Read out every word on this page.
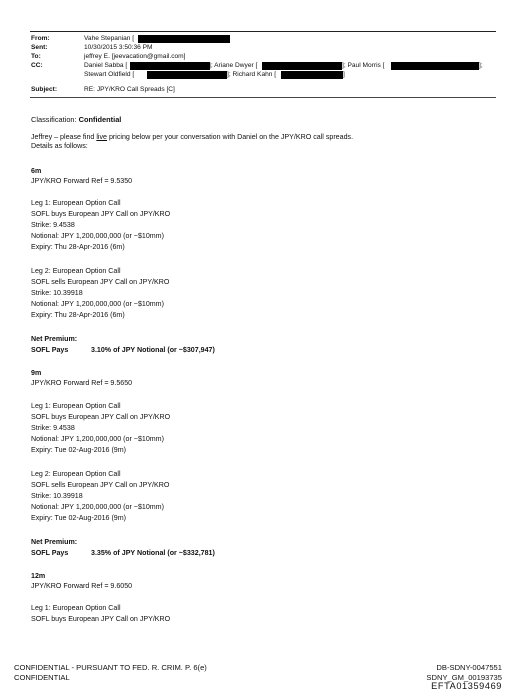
From:	Vahe Stepanian [
Sent:	10/30/2015 3:50:36 PM
To:	jeffrey E. [jeevacation@gmail.com]
CC:	Daniel Sabba [	]; Ariane Dwyer [	]; Paul Morris [	];
Stewart Oldfield [	]; Richard Kahn [	]
Subject:	RE: JPY/KRO Call Spreads [C]
Classification: Confidential
Jeffrey – please find live pricing below per your conversation with Daniel on the JPY/KRO call spreads.
Details as follows:
6m
JPY/KRO Forward Ref = 9.5350
Leg 1: European Option Call
SOFL buys European JPY Call on JPY/KRO
Strike: 9.4538
Notional: JPY 1,200,000,000 (or ~$10mm)
Expiry: Thu 28-Apr-2016 (6m)
Leg 2: European Option Call
SOFL sells European JPY Call on JPY/KRO
Strike: 10.39918
Notional: JPY 1,200,000,000 (or ~$10mm)
Expiry: Thu 28-Apr-2016 (6m)
Net Premium:
SOFL Pays	3.10% of JPY Notional (or ~$307,947)
9m
JPY/KRO Forward Ref = 9.5650
Leg 1: European Option Call
SOFL buys European JPY Call on JPY/KRO
Strike: 9.4538
Notional: JPY 1,200,000,000 (or ~$10mm)
Expiry: Tue 02-Aug-2016 (9m)
Leg 2: European Option Call
SOFL sells European JPY Call on JPY/KRO
Strike: 10.39918
Notional: JPY 1,200,000,000 (or ~$10mm)
Expiry: Tue 02-Aug-2016 (9m)
Net Premium:
SOFL Pays	3.35% of JPY Notional (or ~$332,781)
12m
JPY/KRO Forward Ref = 9.6050
Leg 1: European Option Call
SOFL buys European JPY Call on JPY/KRO
CONFIDENTIAL - PURSUANT TO FED. R. CRIM. P. 6(e)
CONFIDENTIAL
DB-SDNY-0047551
SDNY_GM_00193735
EFTA01359469
